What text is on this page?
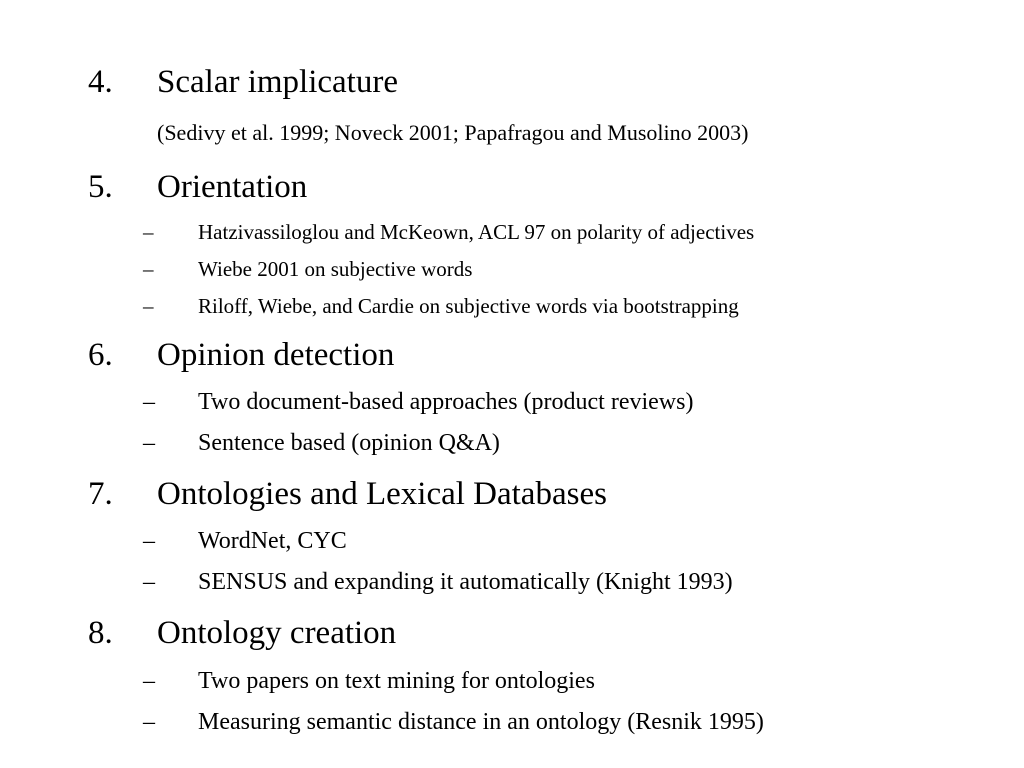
4. Scalar implicature
(Sedivy et al. 1999; Noveck 2001; Papafragou and Musolino 2003)
5. Orientation
– Hatzivassiloglou and McKeown, ACL 97 on polarity of adjectives
– Wiebe 2001 on subjective words
– Riloff, Wiebe, and Cardie on subjective words via bootstrapping
6. Opinion detection
– Two document-based approaches (product reviews)
– Sentence based (opinion Q&A)
7. Ontologies and Lexical Databases
– WordNet, CYC
– SENSUS and expanding it automatically (Knight 1993)
8. Ontology creation
– Two papers on text mining for ontologies
– Measuring semantic distance in an ontology (Resnik 1995)
